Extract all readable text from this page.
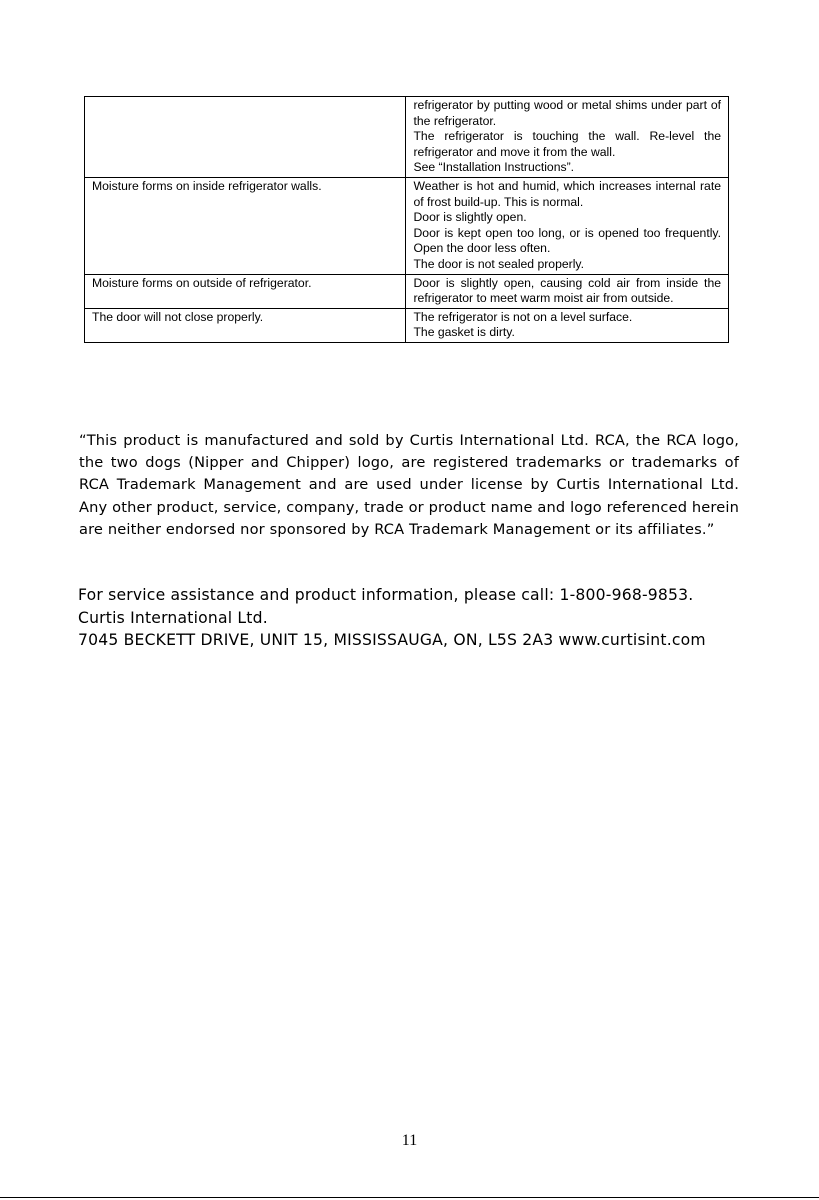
	refrigerator by putting wood or metal shims under part of the refrigerator.
The refrigerator is touching the wall. Re-level the refrigerator and move it from the wall.
See “Installation Instructions”.

Moisture forms on inside refrigerator walls.	Weather is hot and humid, which increases internal rate of frost build-up. This is normal.
Door is slightly open.
Door is kept open too long, or is opened too frequently. Open the door less often.
The door is not sealed properly.

Moisture forms on outside of refrigerator.	Door is slightly open, causing cold air from inside the refrigerator to meet warm moist air from outside.

The door will not close properly.	The refrigerator is not on a level surface.
The gasket is dirty.
“This product is manufactured and sold by Curtis International Ltd. RCA, the RCA logo, the two dogs (Nipper and Chipper) logo, are registered trademarks or trademarks of RCA Trademark Management and are used under license by Curtis International Ltd. Any other product, service, company, trade or product name and logo referenced herein are neither endorsed nor sponsored by RCA Trademark Management or its affiliates.”
For service assistance and product information, please call: 1-800-968-9853.
Curtis International Ltd.
7045 BECKETT DRIVE, UNIT 15, MISSISSAUGA, ON, L5S 2A3 www.curtisint.com
11
